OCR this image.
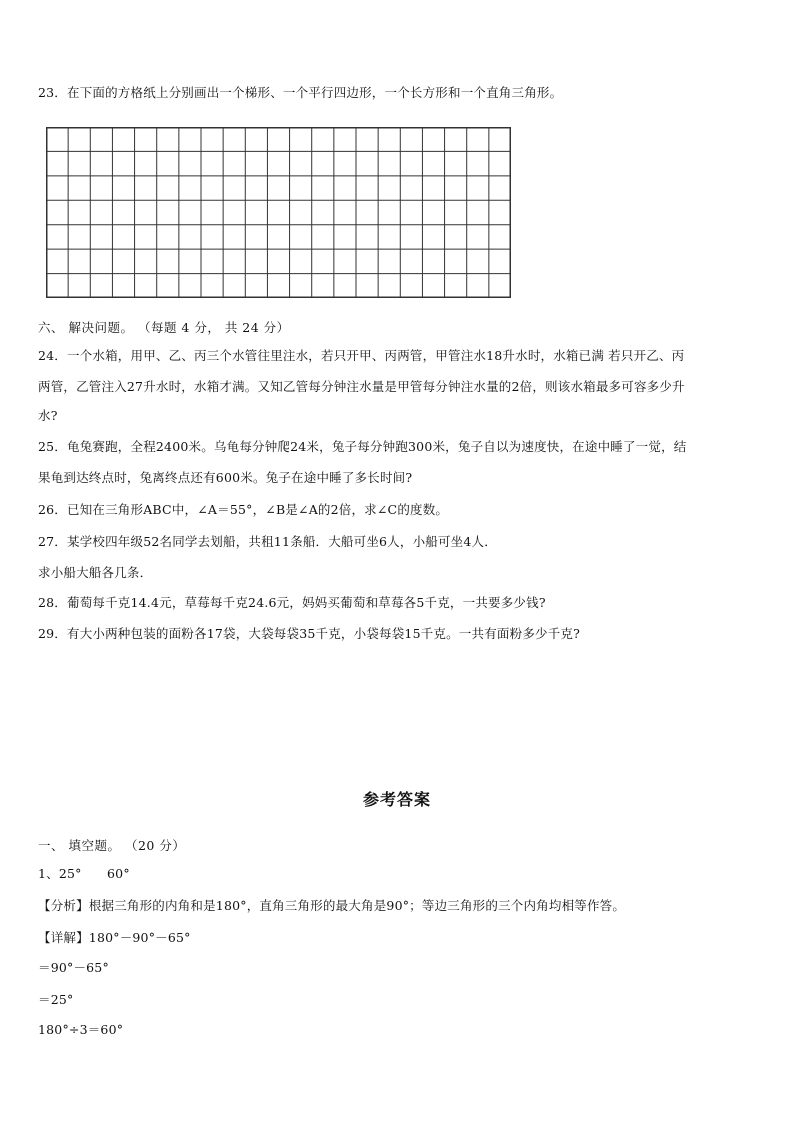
23．在下面的方格纸上分别画出一个梯形、一个平行四边形，一个长方形和一个直角三角形。
六、 解决问题。 （每题 4 分， 共 24 分）
24．一个水箱，用甲、乙、丙三个水管往里注水，若只开甲、丙两管，甲管注水18升水时，水箱已满 若只开乙、丙
两管，乙管注入27升水时，水箱才满。又知乙管每分钟注水量是甲管每分钟注水量的2倍，则该水箱最多可容多少升
水?
25．龟兔赛跑，全程2400米。乌龟每分钟爬24米，兔子每分钟跑300米，兔子自以为速度快，在途中睡了一觉，结
果龟到达终点时，兔离终点还有600米。兔子在途中睡了多长时间?
26．已知在三角形ABC中，∠A＝55°，∠B是∠A的2倍，求∠C的度数。
27．某学校四年级52名同学去划船，共租11条船．大船可坐6人，小船可坐4人．
求小船大船各几条．
28．葡萄每千克14.4元，草莓每千克24.6元，妈妈买葡萄和草莓各5千克，一共要多少钱?
29．有大小两种包装的面粉各17袋，大袋每袋35千克，小袋每袋15千克。一共有面粉多少千克?
参考答案
一、 填空题。 （20 分）
1、25°　　60°
【分析】根据三角形的内角和是180°，直角三角形的最大角是90°；等边三角形的三个内角均相等作答。
【详解】180°－90°－65°
＝90°－65°
＝25°
180°÷3＝60°
